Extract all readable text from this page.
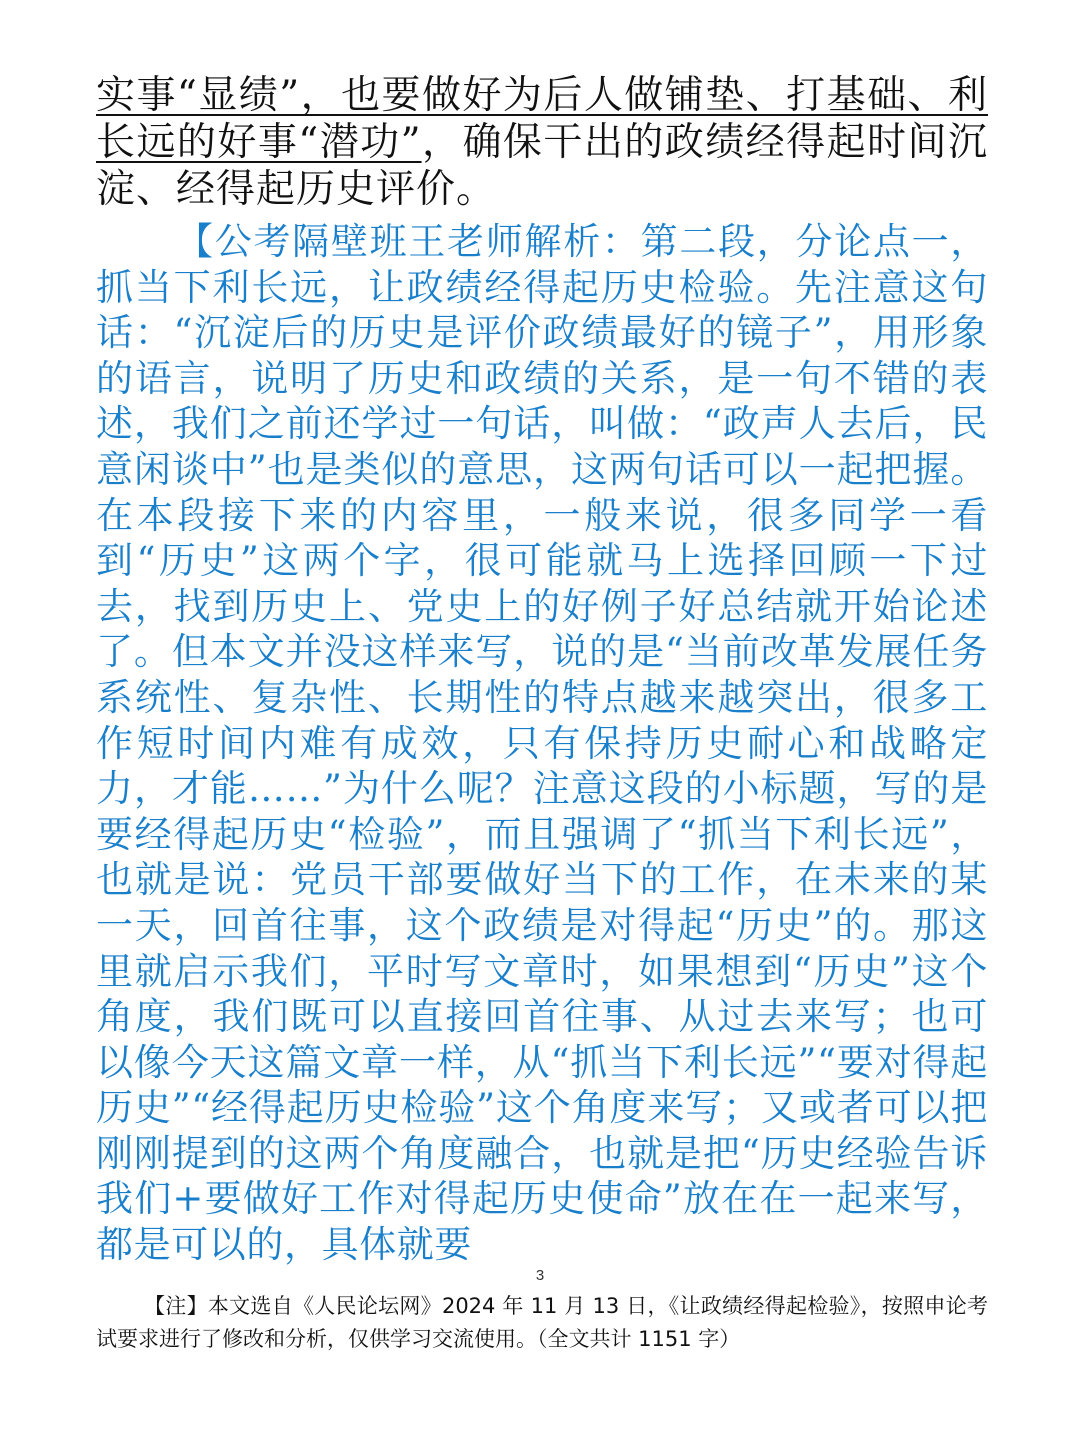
实事“显绩”，也要做好为后人做铺垫、打基础、利长远的好事“潜功”，确保干出的政绩经得起时间沉淀、经得起历史评价。

【公考隔壁班王老师解析：第二段，分论点一，抓当下利长远，让政绩经得起历史检验。先注意这句话：“沉淀后的历史是评价政绩最好的镜子”，用形象的语言，说明了历史和政绩的关系，是一句不错的表述，我们之前还学过一句话，叫做：“政声人去后，民意闲谈中”也是类似的意思，这两句话可以一起把握。在本段接下来的内容里，一般来说，很多同学一看到“历史”这两个字，很可能就马上选择回顾一下过去，找到历史上、党史上的好例子好总结就开始论述了。但本文并没这样来写，说的是“当前改革发展任务系统性、复杂性、长期性的特点越来越突出，很多工作短时间内难有成效，只有保持历史耐心和战略定力，才能……”为什么呢？注意这段的小标题，写的是要经得起历史“检验”，而且强调了“抓当下利长远”，也就是说：党员干部要做好当下的工作，在未来的某一天，回首往事，这个政绩是对得起“历史”的。那这里就启示我们，平时写文章时，如果想到“历史”这个角度，我们既可以直接回首往事、从过去来写；也可以像今天这篇文章一样，从“抓当下利长远”“要对得起历史”“经得起历史检验”这个角度来写；又或者可以把刚刚提到的这两个角度融合，也就是把“历史经验告诉我们+要做好工作对得起历史使命”放在在一起来写，都是可以的，具体就要

3
【注】本文选自《人民论坛网》2024 年 11 月 13 日，《让政绩经得起检验》，按照申论考试要求进行了修改和分析，仅供学习交流使用。（全文共计 1151 字）
